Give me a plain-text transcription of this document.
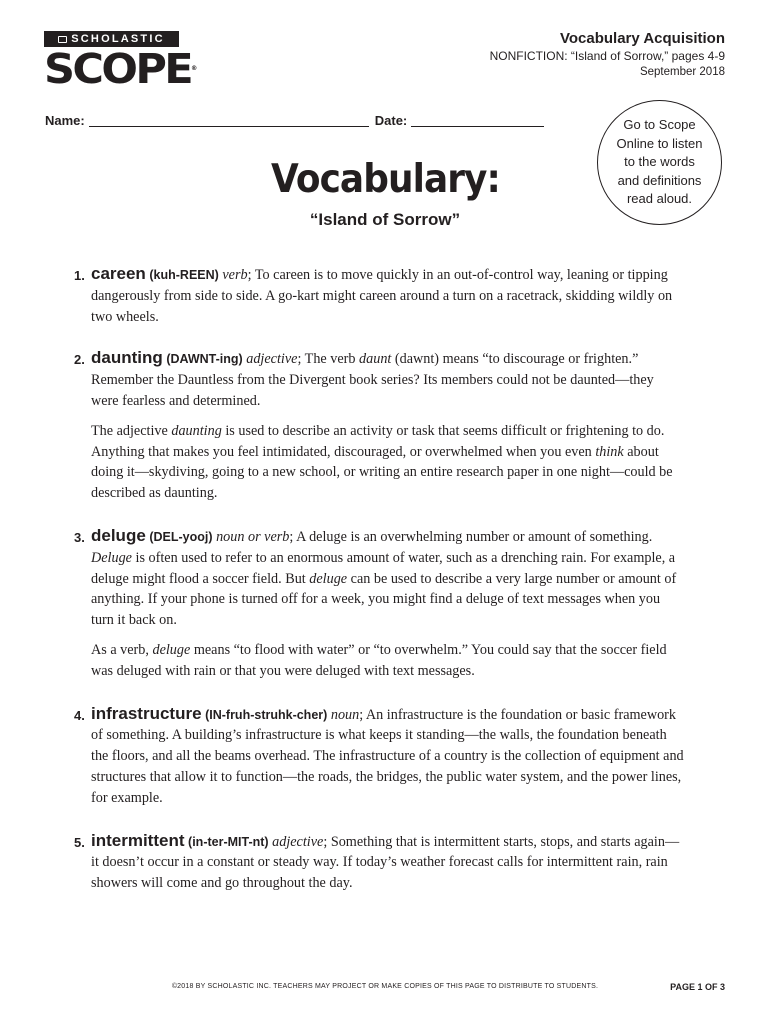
SCHOLASTIC
SCOPE®
Vocabulary Acquisition
NONFICTION: “Island of Sorrow,” pages 4-9
September 2018
Name:	Date:	Go to Scope
Online to listen
to the words
and definitions
read aloud.
Vocabulary:
“Island of Sorrow”
1. careen (kuh-REEN) verb; To careen is to move quickly in an out-of-control way, leaning or tipping dangerously from side to side. A go-kart might careen around a turn on a racetrack, skidding wildly on two wheels.

2. daunting (DAWNT-ing) adjective; The verb daunt (dawnt) means “to discourage or frighten.” Remember the Dauntless from the Divergent book series? Its members could not be daunted—they were fearless and determined.

The adjective daunting is used to describe an activity or task that seems difficult or frightening to do. Anything that makes you feel intimidated, discouraged, or overwhelmed when you even think about doing it—skydiving, going to a new school, or writing an entire research paper in one night—could be described as daunting.

3. deluge (DEL-yooj) noun or verb; A deluge is an overwhelming number or amount of something. Deluge is often used to refer to an enormous amount of water, such as a drenching rain. For example, a deluge might flood a soccer field. But deluge can be used to describe a very large number or amount of anything. If your phone is turned off for a week, you might find a deluge of text messages when you turn it back on.

As a verb, deluge means “to flood with water” or “to overwhelm.” You could say that the soccer field was deluged with rain or that you were deluged with text messages.

4. infrastructure (IN-fruh-struhk-cher) noun; An infrastructure is the foundation or basic framework of something. A building’s infrastructure is what keeps it standing—the walls, the foundation beneath the floors, and all the beams overhead. The infrastructure of a country is the collection of equipment and structures that allow it to function—the roads, the bridges, the public water system, and the power lines, for example.

5. intermittent (in-ter-MIT-nt) adjective; Something that is intermittent starts, stops, and starts again—it doesn’t occur in a constant or steady way. If today’s weather forecast calls for intermittent rain, rain showers will come and go throughout the day.

©2018 BY SCHOLASTIC INC. TEACHERS MAY PROJECT OR MAKE COPIES OF THIS PAGE TO DISTRIBUTE TO STUDENTS.	PAGE 1 OF 3
